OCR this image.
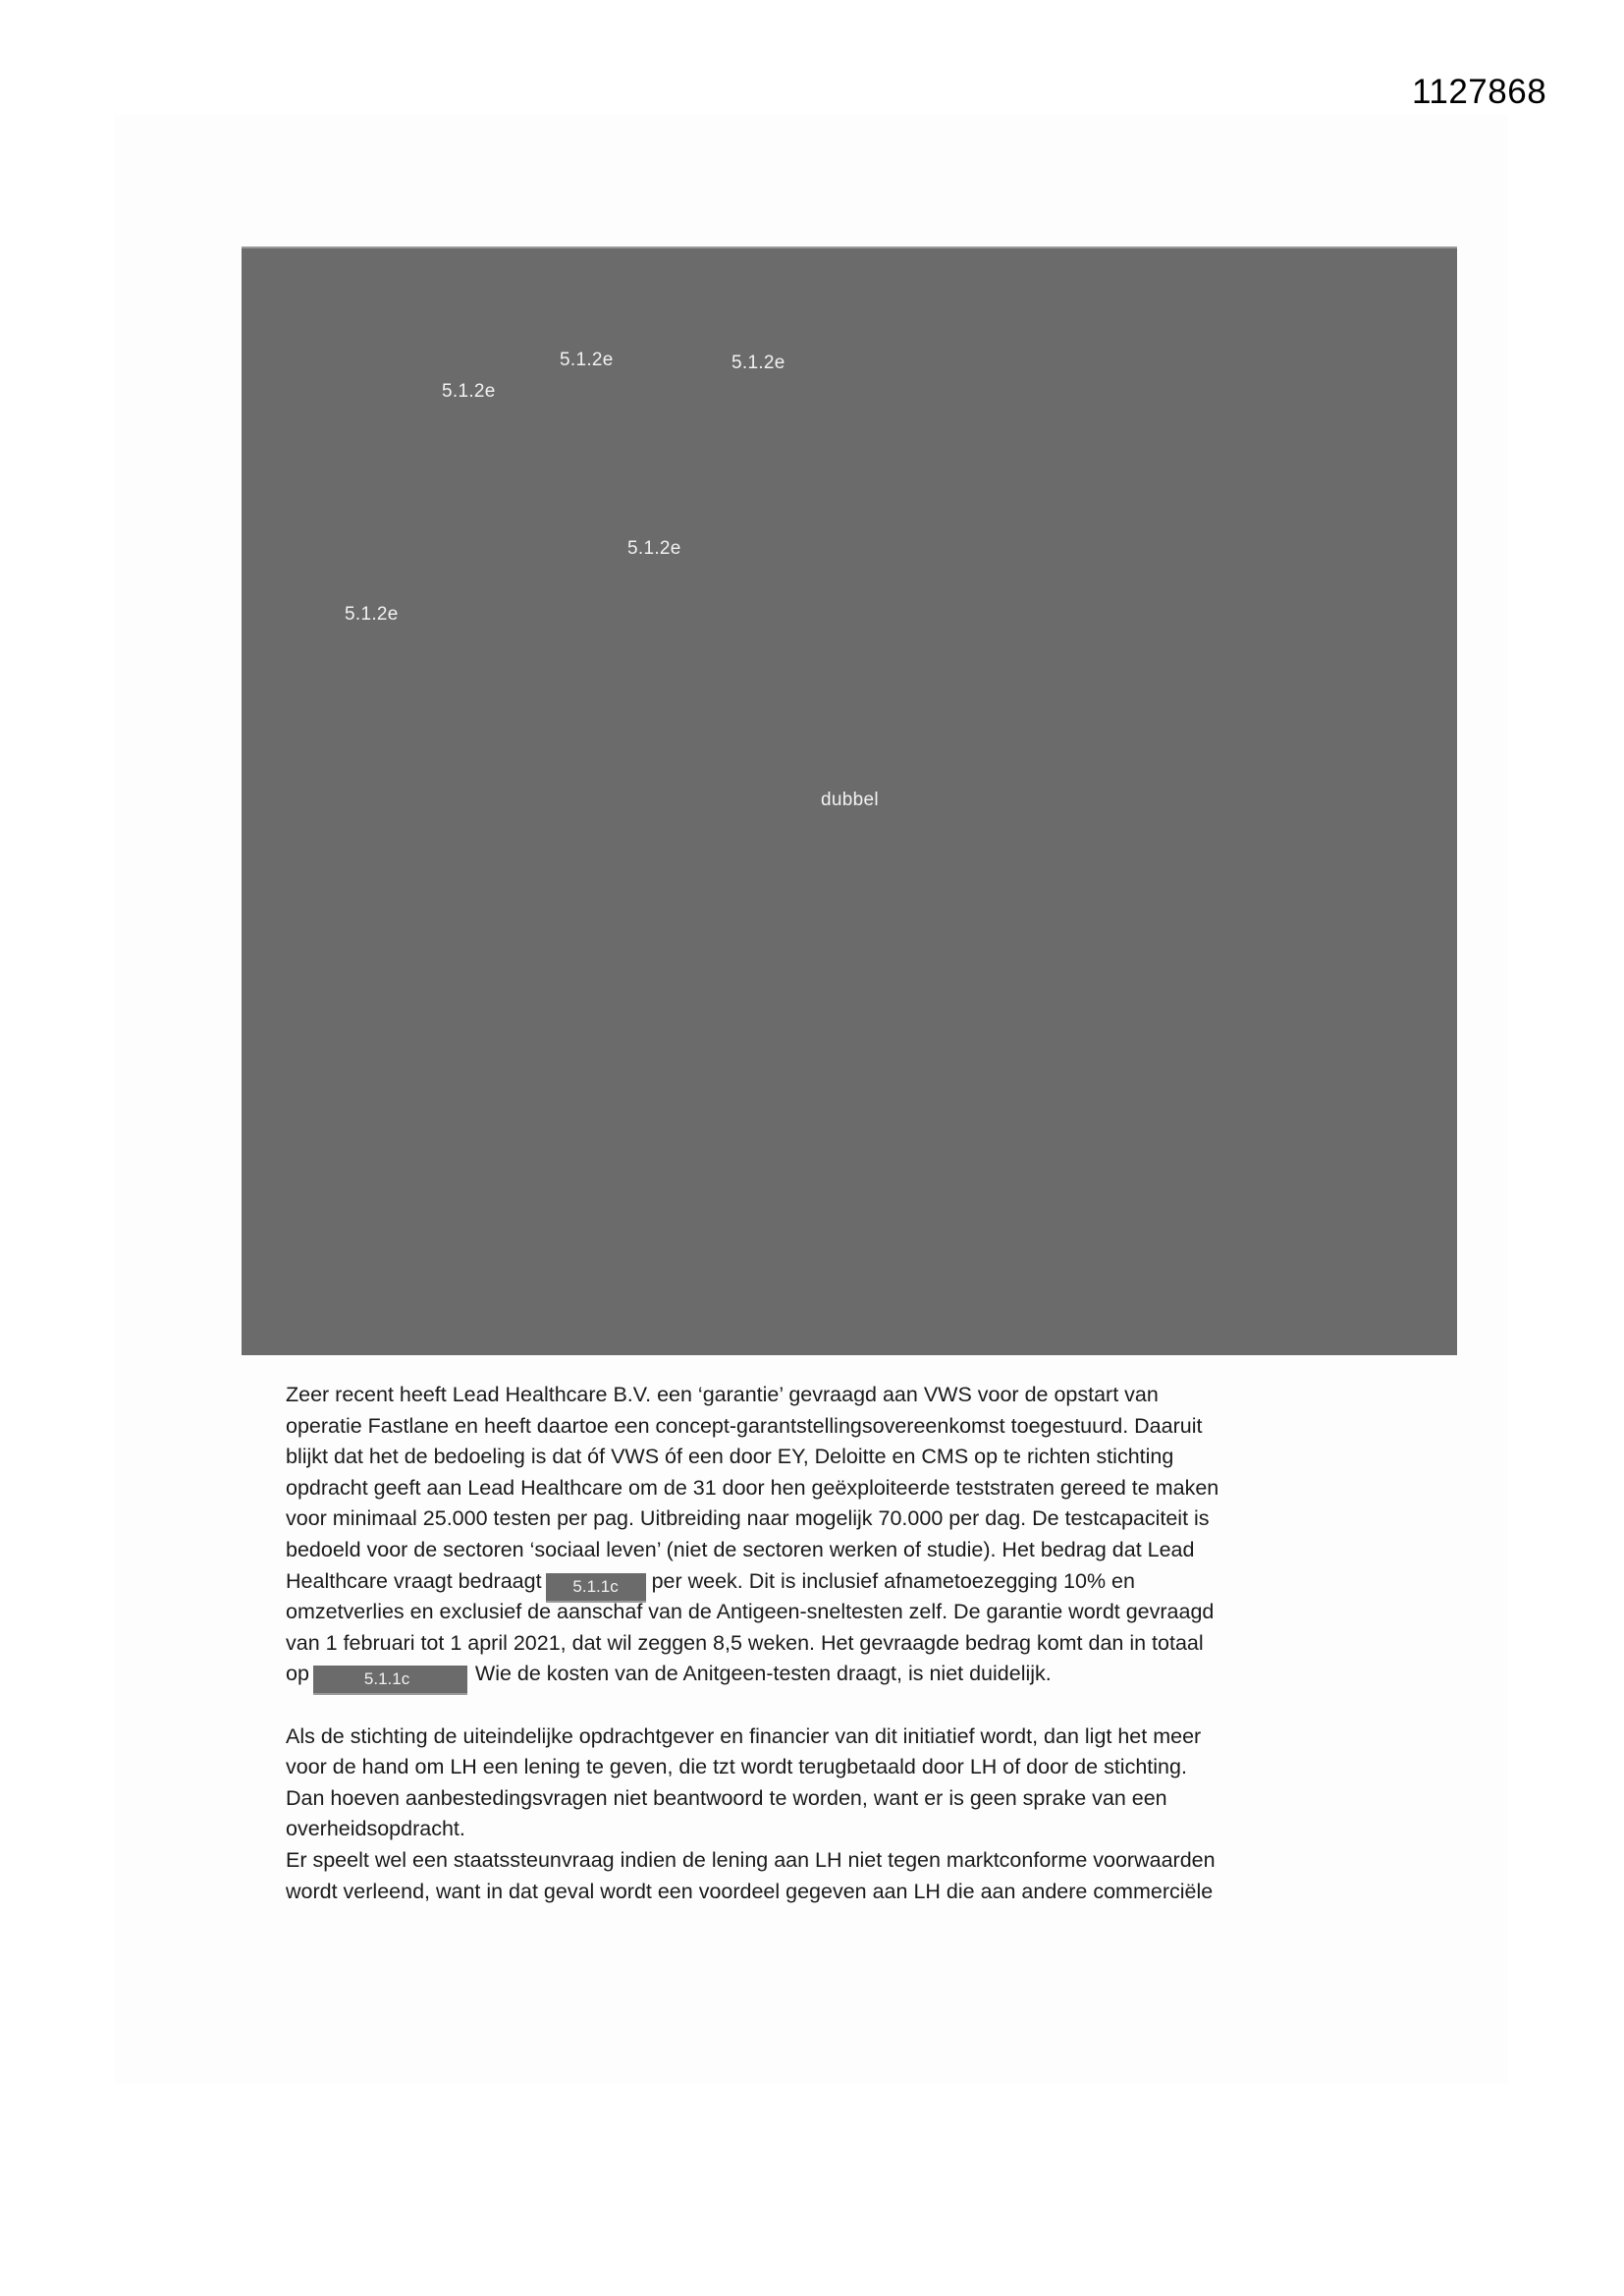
1127868
5.1.2e	5.1.2e
5.1.2e
5.1.2e
5.1.2e
dubbel
Zeer recent heeft Lead Healthcare B.V. een ‘garantie’ gevraagd aan VWS voor de opstart van
operatie Fastlane en heeft daartoe een concept-garantstellingsovereenkomst toegestuurd. Daaruit
blijkt dat het de bedoeling is dat óf VWS óf een door EY, Deloitte en CMS op te richten stichting
opdracht geeft aan Lead Healthcare om de 31 door hen geëxploiteerde teststraten gereed te maken
voor minimaal 25.000 testen per pag. Uitbreiding naar mogelijk 70.000 per dag. De testcapaciteit is
bedoeld voor de sectoren ‘sociaal leven’ (niet de sectoren werken of studie). Het bedrag dat Lead
Healthcare vraagt bedraagt 5.1.1c per week. Dit is inclusief afnametoezegging 10% en
omzetverlies en exclusief de aanschaf van de Antigeen-sneltesten zelf. De garantie wordt gevraagd
van 1 februari tot 1 april 2021, dat wil zeggen 8,5 weken. Het gevraagde bedrag komt dan in totaal
op	5.1.1c	Wie de kosten van de Anitgeen-testen draagt, is niet duidelijk.
Als de stichting de uiteindelijke opdrachtgever en financier van dit initiatief wordt, dan ligt het meer
voor de hand om LH een lening te geven, die tzt wordt terugbetaald door LH of door de stichting.
Dan hoeven aanbestedingsvragen niet beantwoord te worden, want er is geen sprake van een
overheidsopdracht.
Er speelt wel een staatssteunvraag indien de lening aan LH niet tegen marktconforme voorwaarden
wordt verleend, want in dat geval wordt een voordeel gegeven aan LH die aan andere commerciële
